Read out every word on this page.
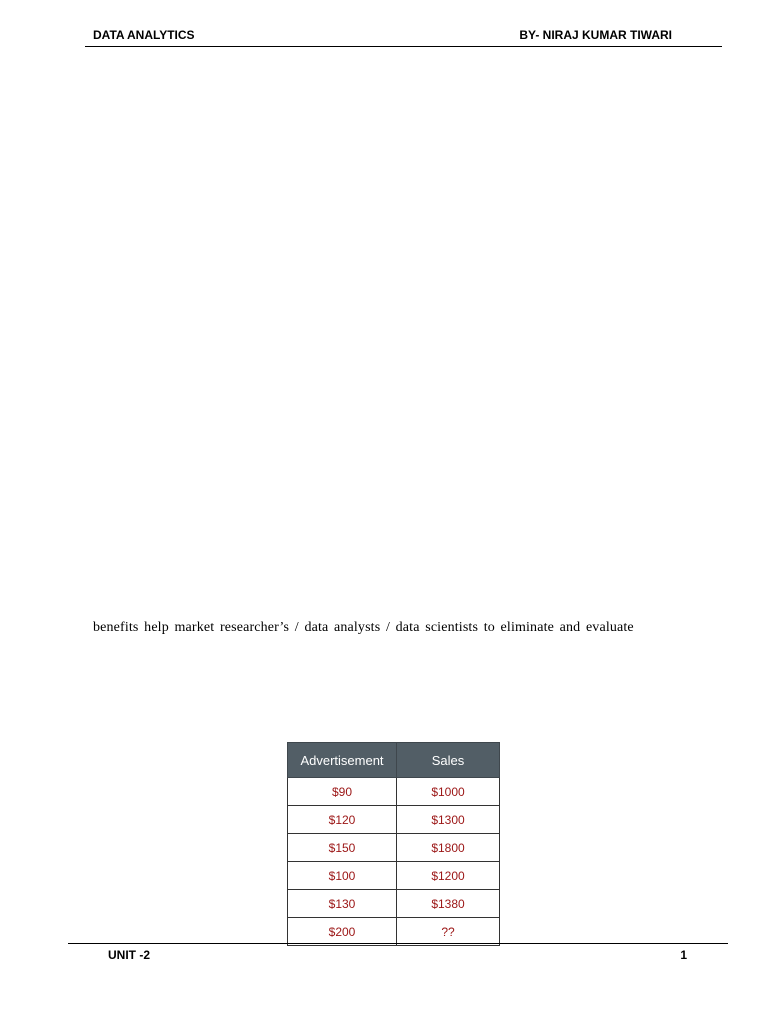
DATA ANALYTICS	BY- NIRAJ KUMAR TIWARI
benefits help market researcher’s / data analysts / data scientists to eliminate and evaluate
Advertisement	Sales
$90	$1000
$120	$1300
$150	$1800
$100	$1200
$130	$1380
$200	??
UNIT -2	1
